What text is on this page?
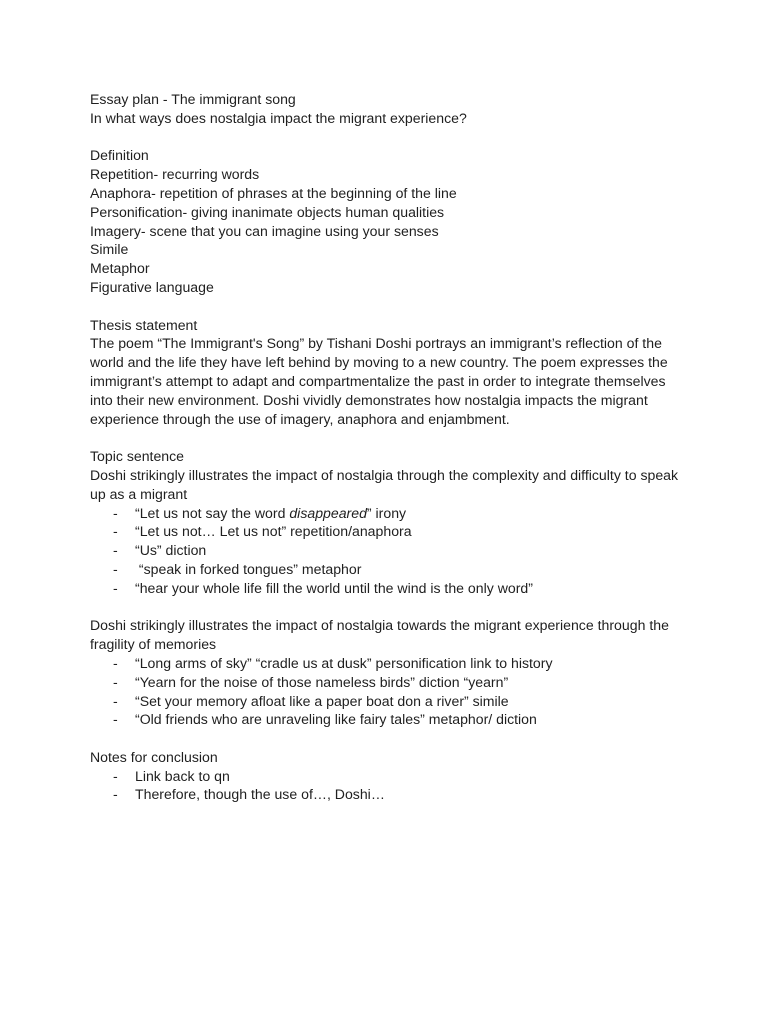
Essay plan - The immigrant song

In what ways does nostalgia impact the migrant experience?

Definition

Repetition- recurring words

Anaphora- repetition of phrases at the beginning of the line

Personification- giving inanimate objects human qualities

Imagery- scene that you can imagine using your senses

Simile

Metaphor

Figurative language

Thesis statement

The poem “The Immigrant's Song” by Tishani Doshi portrays an immigrant’s reflection of the

world and the life they have left behind by moving to a new country. The poem expresses the

immigrant’s attempt to adapt and compartmentalize the past in order to integrate themselves

into their new environment. Doshi vividly demonstrates how nostalgia impacts the migrant

experience through the use of imagery, anaphora and enjambment.

Topic sentence

Doshi strikingly illustrates the impact of nostalgia through the complexity and difficulty to speak

up as a migrant

- “Let us not say the word disappeared” irony
- “Let us not… Let us not” repetition/anaphora
- “Us” diction
- “speak in forked tongues” metaphor
- “hear your whole life fill the world until the wind is the only word”

Doshi strikingly illustrates the impact of nostalgia towards the migrant experience through the

fragility of memories

- “Long arms of sky” “cradle us at dusk” personification link to history
- “Yearn for the noise of those nameless birds” diction “yearn”
- “Set your memory afloat like a paper boat don a river” simile
- “Old friends who are unraveling like fairy tales” metaphor/ diction

Notes for conclusion

- Link back to qn
- Therefore, though the use of…, Doshi…
